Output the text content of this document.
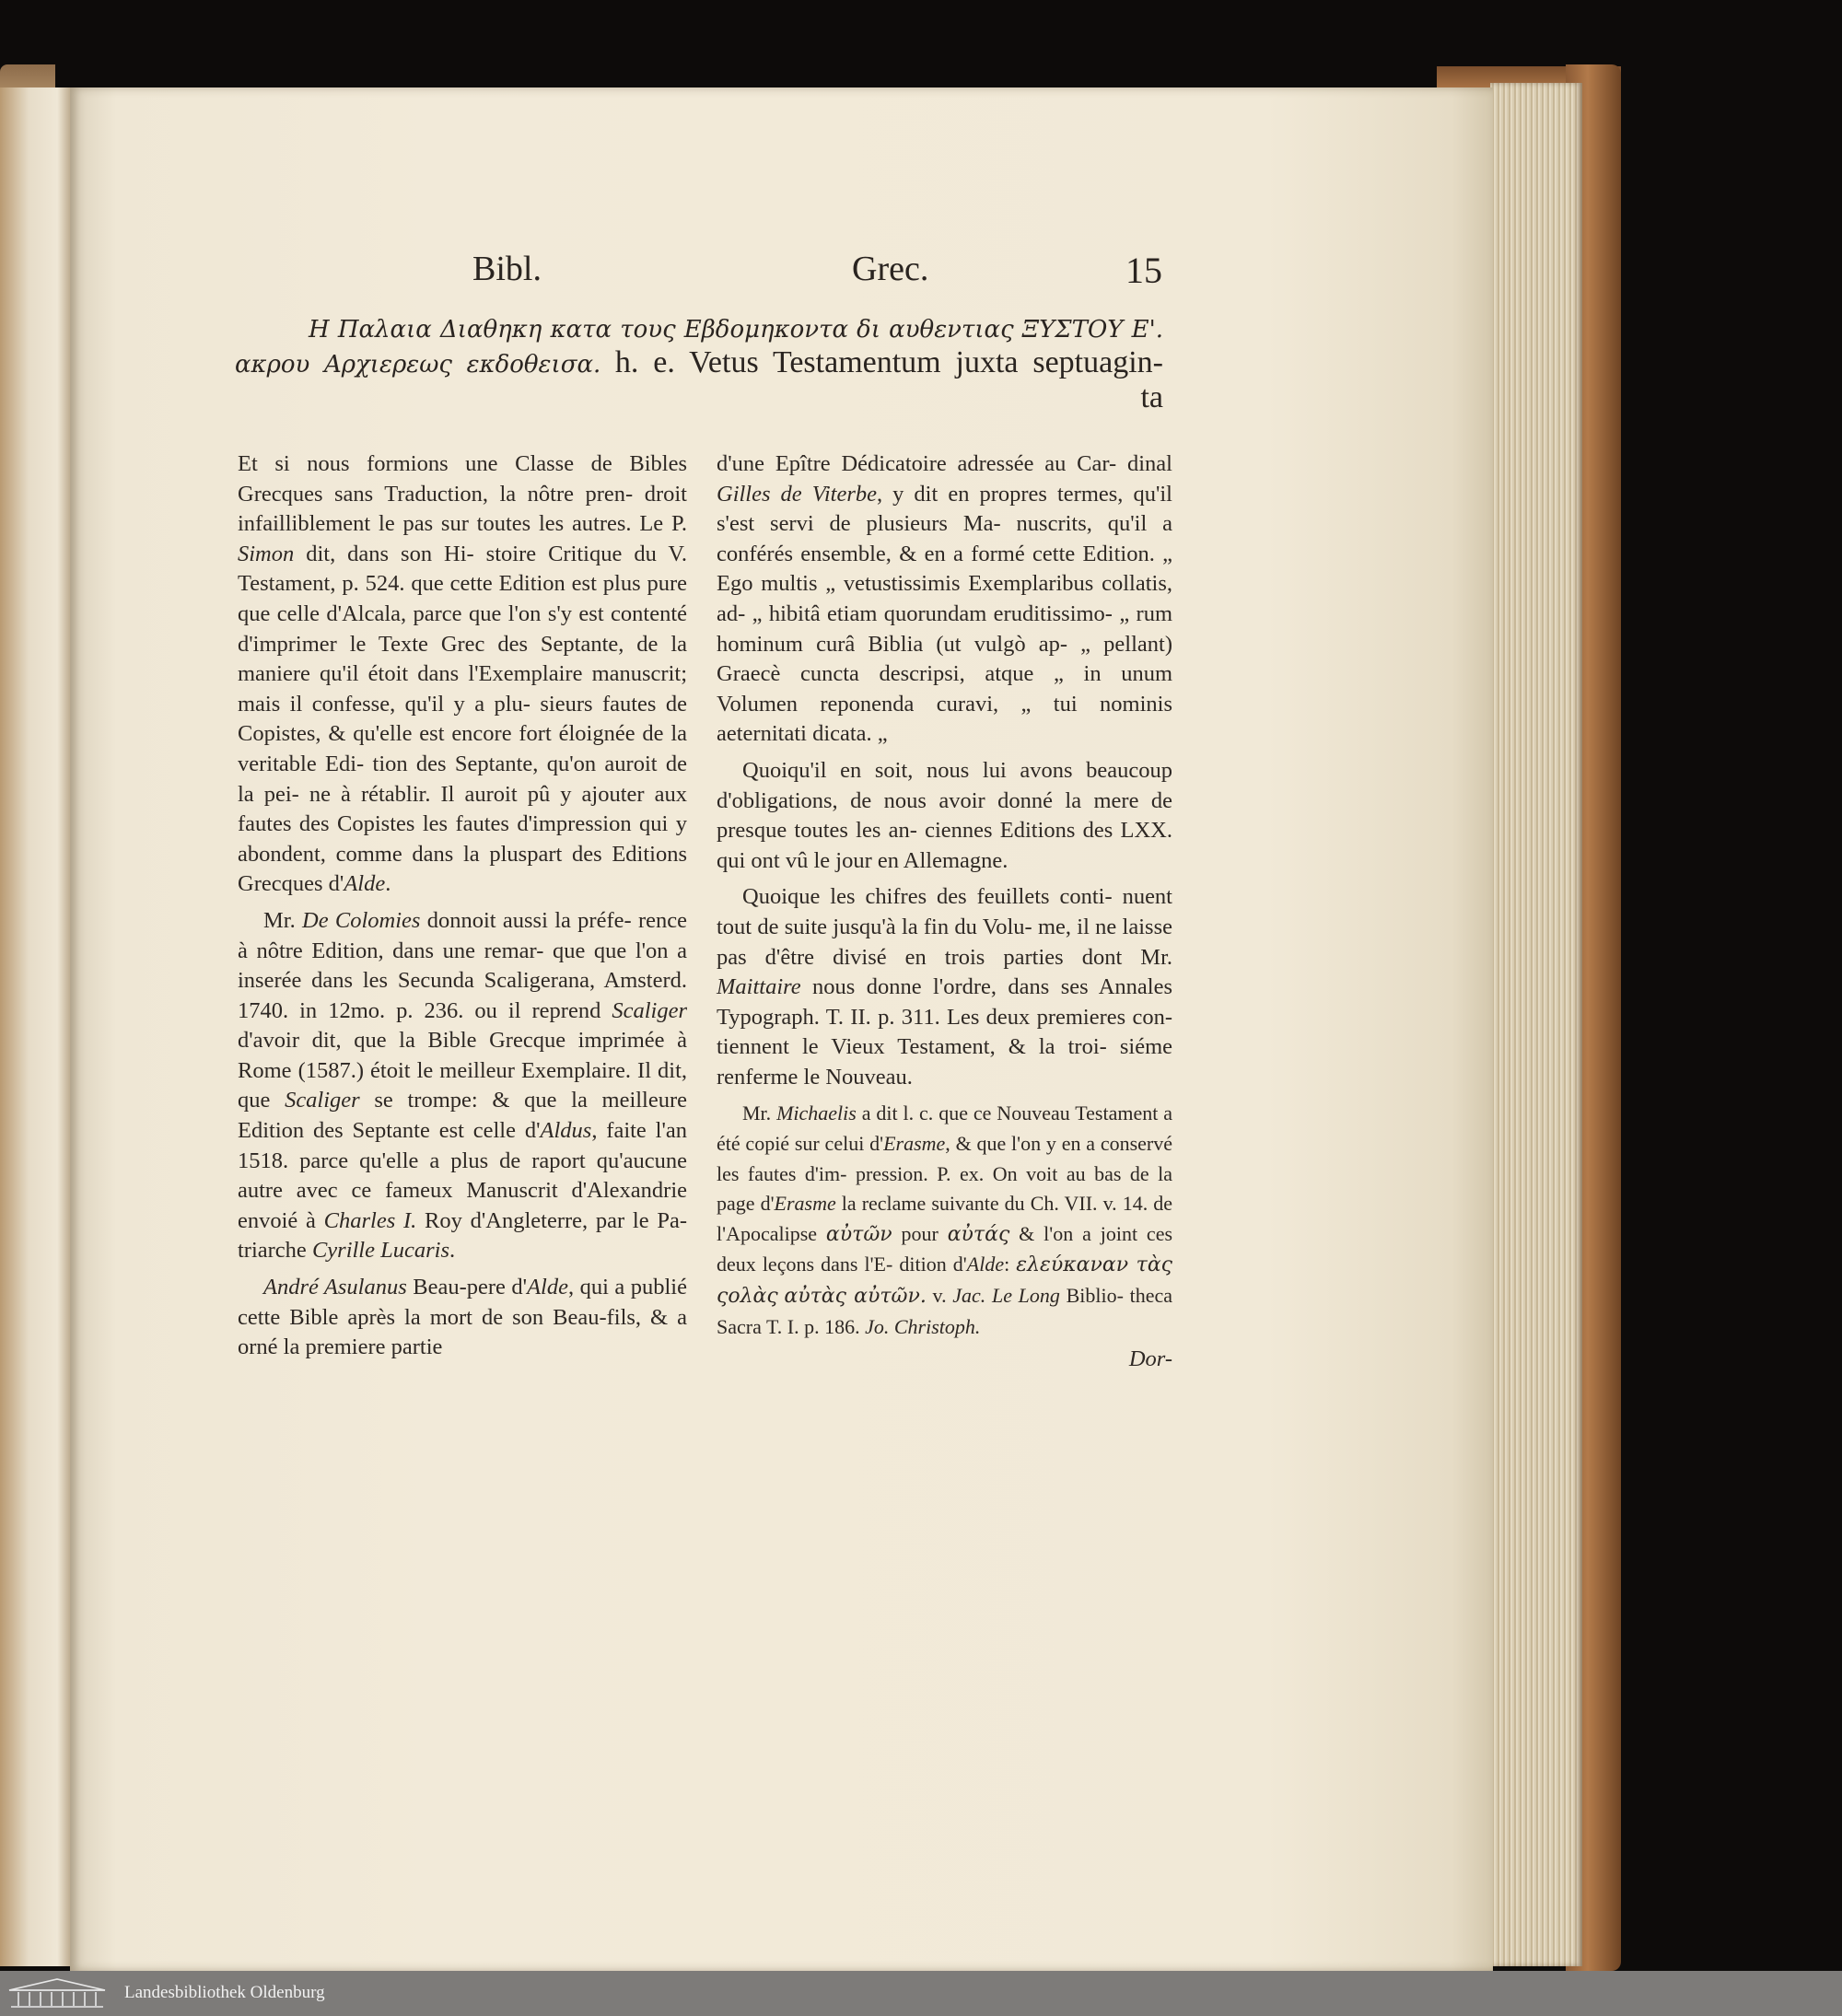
Bibl.	Grec.	15
Η Παλαια Διαθηκη κατα τους Εβδομηκοντα δι αυθεντιας ΞΥΣΤΟΥ Ε'.
ακρου Αρχιερεως εκδοθεισα. h. e. Vetus Testamentum juxta septuagin-
ta

Et si nous formions une Classe de Bibles Grecques sans Traduction, la nôtre pren- droit infailliblement le pas sur toutes les autres. Le P. Simon dit, dans son Hi- stoire Critique du V. Testament, p. 524. que cette Edition est plus pure que celle d'Alcala, parce que l'on s'y est contenté d'imprimer le Texte Grec des Septante, de la maniere qu'il étoit dans l'Exemplaire manuscrit; mais il confesse, qu'il y a plu- sieurs fautes de Copistes, & qu'elle est encore fort éloignée de la veritable Edi- tion des Septante, qu'on auroit de la pei- ne à rétablir. Il auroit pû y ajouter aux fautes des Copistes les fautes d'impression qui y abondent, comme dans la pluspart des Editions Grecques d'Alde.

Mr. De Colomies donnoit aussi la préfe- rence à nôtre Edition, dans une remar- que que l'on a inserée dans les Secunda Scaligerana, Amsterd. 1740. in 12mo. p. 236. ou il reprend Scaliger d'avoir dit, que la Bible Grecque imprimée à Rome (1587.) étoit le meilleur Exemplaire. Il dit, que Scaliger se trompe: & que la meilleure Edition des Septante est celle d'Aldus, faite l'an 1518. parce qu'elle a plus de raport qu'aucune autre avec ce fameux Manuscrit d'Alexandrie envoié à Charles I. Roy d'Angleterre, par le Pa- triarche Cyrille Lucaris.

André Asulanus Beau-pere d'Alde, qui a publié cette Bible après la mort de son Beau-fils, & a orné la premiere partie

d'une Epître Dédicatoire adressée au Car- dinal Gilles de Viterbe, y dit en propres termes, qu'il s'est servi de plusieurs Ma- nuscrits, qu'il a conférés ensemble, & en a formé cette Edition. „ Ego multis „ vetustissimis Exemplaribus collatis, ad- „ hibitâ etiam quorundam eruditissimo- „ rum hominum curâ Biblia (ut vulgò ap- „ pellant) Graecè cuncta descripsi, atque „ in unum Volumen reponenda curavi, „ tui nominis aeternitati dicata. „

Quoiqu'il en soit, nous lui avons beaucoup d'obligations, de nous avoir donné la mere de presque toutes les an- ciennes Editions des LXX. qui ont vû le jour en Allemagne.

Quoique les chifres des feuillets conti- nuent tout de suite jusqu'à la fin du Volu- me, il ne laisse pas d'être divisé en trois parties dont Mr. Maittaire nous donne l'ordre, dans ses Annales Typograph. T. II. p. 311. Les deux premieres con- tiennent le Vieux Testament, & la troi- siéme renferme le Nouveau.

Mr. Michaelis a dit l. c. que ce Nouveau Testament a été copié sur celui d'Erasme, & que l'on y en a conservé les fautes d'im- pression. P. ex. On voit au bas de la page d'Erasme la reclame suivante du Ch. VII. v. 14. de l'Apocalipse αὐτῶν pour αὐτάς & l'on a joint ces deux leçons dans l'E- dition d'Alde: ελεύκαναν τὰς ςολὰς αὐτὰς αὐτῶν. v. Jac. Le Long Biblio- theca Sacra T. I. p. 186. Jo. Christoph.

Dor-
Landesbibliothek Oldenburg
